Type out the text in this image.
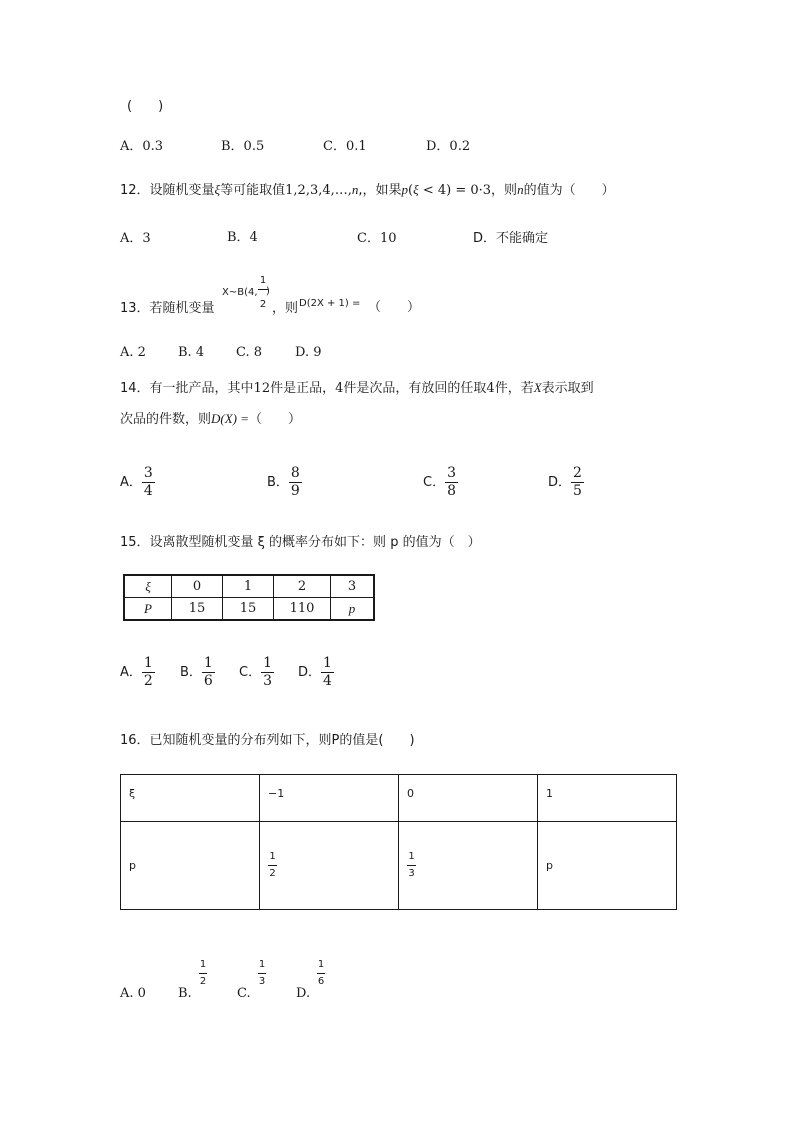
(　　)
A．0.3	B．0.5	C．0.1	D．0.2
12．设随机变量ξ等可能取值1,2,3,4,…,n,，如果p(ξ < 4) = 0·3，则n的值为（　　）
A．3	B．4	C．10	D．不能确定
13．若随机变量
X~B(4,
1
)
2 ，则 D(2X + 1) = （　　）
A. 2 B. 4 C. 8	D. 9
14．有一批产品，其中12件是正品，4件是次品，有放回的任取4件，若X表示取到
次品的件数，则D(X) =（　　）
A． $\frac{3}{4}$	B． $\frac{8}{9}$	C． $\frac{3}{8}$	D． $\frac{2}{5}$
15．设离散型随机变量 ξ 的概率分布如下：则 p 的值为（　）
ξ	0	1	2	3
P	15	15	110	p
A． $\frac{1}{2}$ B． $\frac{1}{6}$ C． $\frac{1}{3}$ D． $\frac{1}{4}$
16．已知随机变量的分布列如下，则P的值是(　　)
ξ	−1	0	1
p	$\frac{1}{2}$	$\frac{1}{3}$	p
A. 0 B.
1
2
C.
1
3
D.
1
6
